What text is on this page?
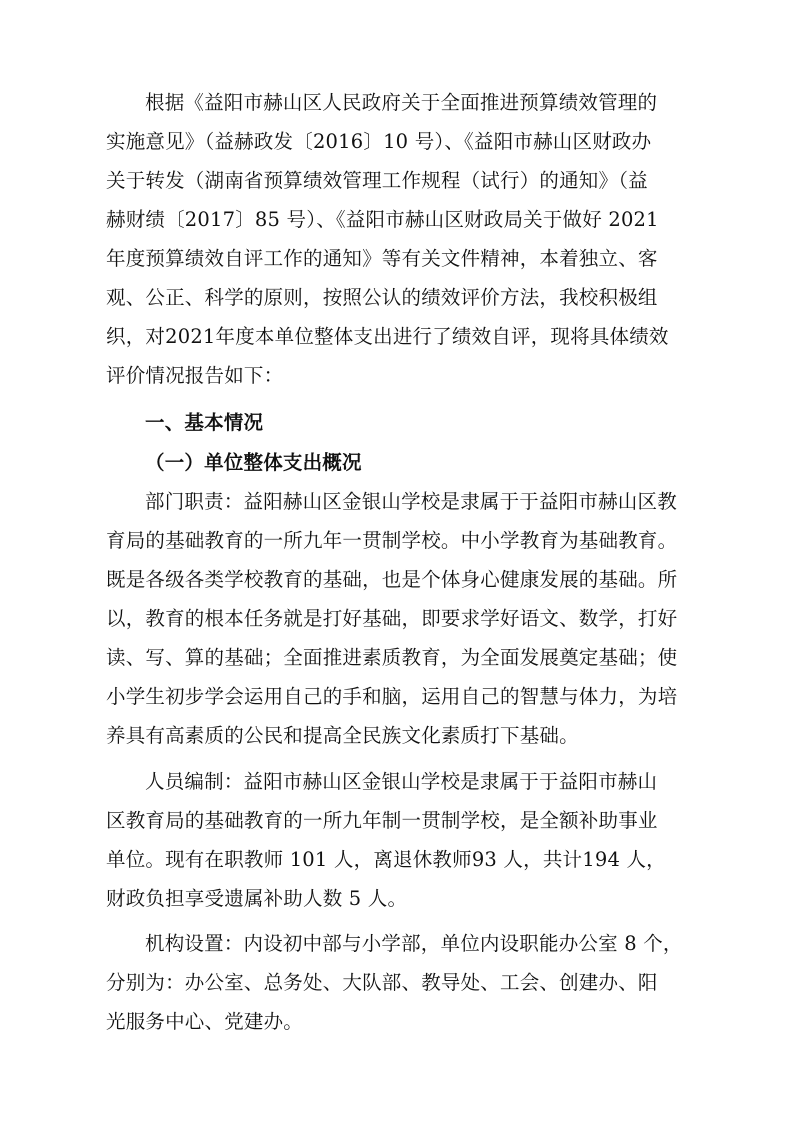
根据《益阳市赫山区人民政府关于全面推进预算绩效管理的
实施意见》（益赫政发〔2016〕10 号）、《益阳市赫山区财政办
关于转发（湖南省预算绩效管理工作规程（试行）的通知》（益
赫财绩〔2017〕85 号）、《益阳市赫山区财政局关于做好 2021
年度预算绩效自评工作的通知》等有关文件精神，本着独立、客
观、公正、科学的原则，按照公认的绩效评价方法，我校积极组
织，对2021年度本单位整体支出进行了绩效自评，现将具体绩效
评价情况报告如下：
一、基本情况
（一）单位整体支出概况
部门职责：益阳赫山区金银山学校是隶属于于益阳市赫山区教
育局的基础教育的一所九年一贯制学校。中小学教育为基础教育。
既是各级各类学校教育的基础，也是个体身心健康发展的基础。所
以，教育的根本任务就是打好基础，即要求学好语文、数学，打好
读、写、算的基础；全面推进素质教育，为全面发展奠定基础；使
小学生初步学会运用自己的手和脑，运用自己的智慧与体力，为培
养具有高素质的公民和提高全民族文化素质打下基础。
人员编制：益阳市赫山区金银山学校是隶属于于益阳市赫山
区教育局的基础教育的一所九年制一贯制学校，是全额补助事业
单位。现有在职教师 101 人，离退休教师93 人，共计194 人，
财政负担享受遗属补助人数 5 人。
机构设置：内设初中部与小学部，单位内设职能办公室 8 个，
分别为：办公室、总务处、大队部、教导处、工会、创建办、阳
光服务中心、党建办。
